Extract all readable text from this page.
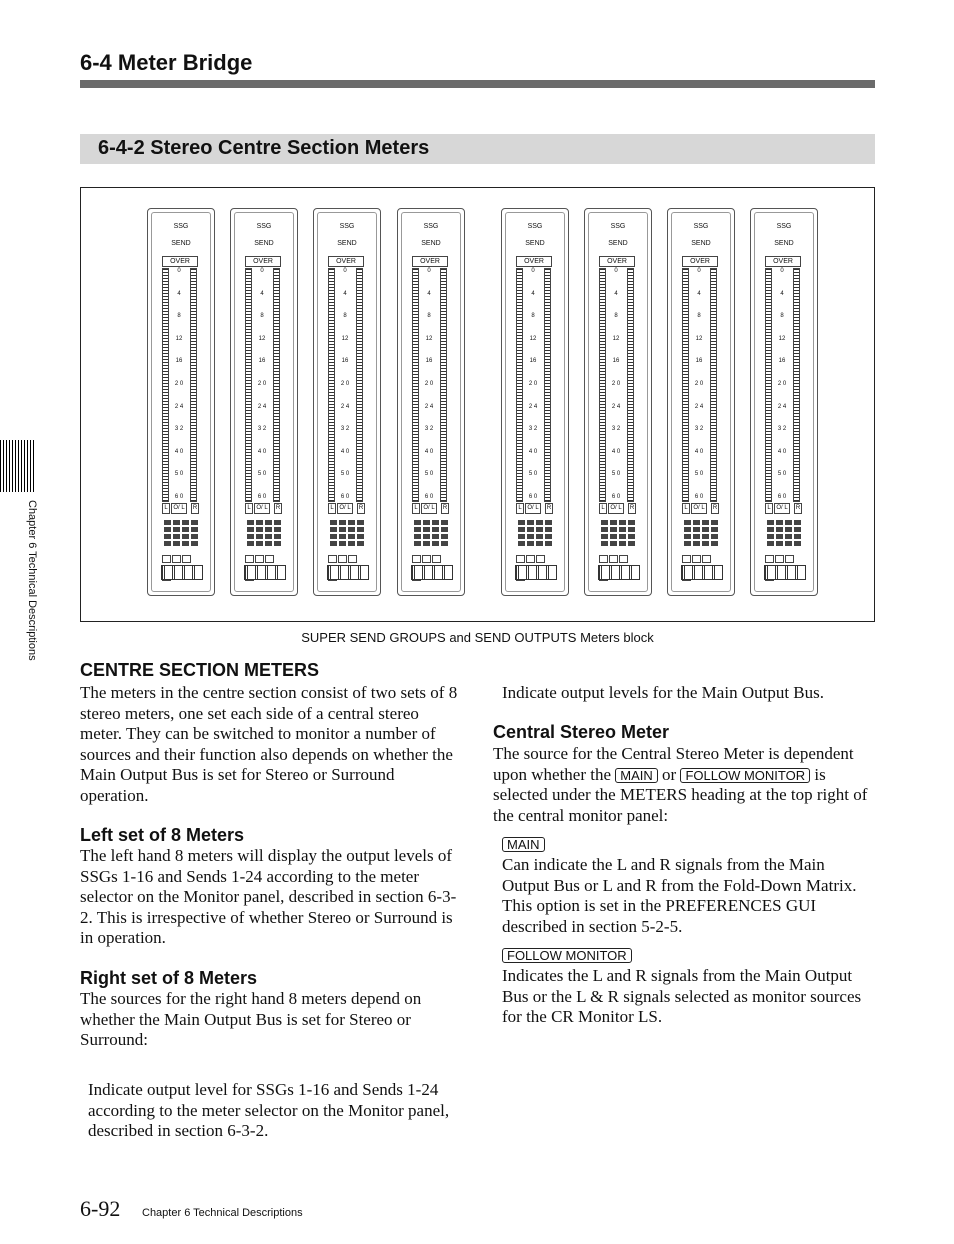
6-4 Meter Bridge
6-4-2 Stereo Centre Section Meters
Chapter 6 Technical Descriptions
SSG
SEND
OVER
0
4
8
12
16
2 0
2 4
3 2
4 0
5 0
6 0
L O/ L	R
SSG
SEND
OVER
0
4
8
12
16
2 0
2 4
3 2
4 0
5 0
6 0
L O/ L	R
SSG
SEND
OVER
0
4
8
12
16
2 0
2 4
3 2
4 0
5 0
6 0
L O/ L	R
SSG
SEND
OVER
0
4
8
12
16
2 0
2 4
3 2
4 0
5 0
6 0
L O/ L	R
SSG
SEND
OVER
0
4
8
12
16
2 0
2 4
3 2
4 0
5 0
6 0
L O/ L	R
SSG
SEND
OVER
0
4
8
12
16
2 0
2 4
3 2
4 0
5 0
6 0
L O/ L	R
SSG
SEND
OVER
0
4
8
12
16
2 0
2 4
3 2
4 0
5 0
6 0
L O/ L	R
SSG
SEND
OVER
0
4
8
12
16
2 0
2 4
3 2
4 0
5 0
6 0
L O/ L	R
SUPER SEND GROUPS and SEND OUTPUTS Meters block
CENTRE SECTION METERS
The meters in the centre section consist of two sets of 8 stereo meters, one set each side of a central stereo meter. They can be switched to monitor a number of sources and their function also depends on whether the Main Output Bus is set for Stereo or Surround operation.
Left set of 8 Meters
The left hand 8 meters will display the output levels of SSGs 1-16 and Sends 1-24 according to the meter selector on the Monitor panel, described in section 6-3-2. This is irrespective of whether Stereo or Surround is in operation.
Right set of 8 Meters
The sources for the right hand 8 meters depend on whether the Main Output Bus is set for Stereo or Surround:
Indicate output level for SSGs 1-16 and Sends 1-24 according to the meter selector on the Monitor panel, described in section 6-3-2.
Indicate output levels for the Main Output Bus.
Central Stereo Meter
The source for the Central Stereo Meter is dependent upon whether the MAIN or FOLLOW MONITOR is selected under the METERS heading at the top right of the central monitor panel:
MAIN
Can indicate the L and R signals from the Main Output Bus or L and R from the Fold-Down Matrix. This option is set in the PREFERENCES GUI described in section 5-2-5.
FOLLOW MONITOR
Indicates the L and R signals from the Main Output Bus or the L & R signals selected as monitor sources for the CR Monitor LS.
6-92 Chapter 6 Technical Descriptions
